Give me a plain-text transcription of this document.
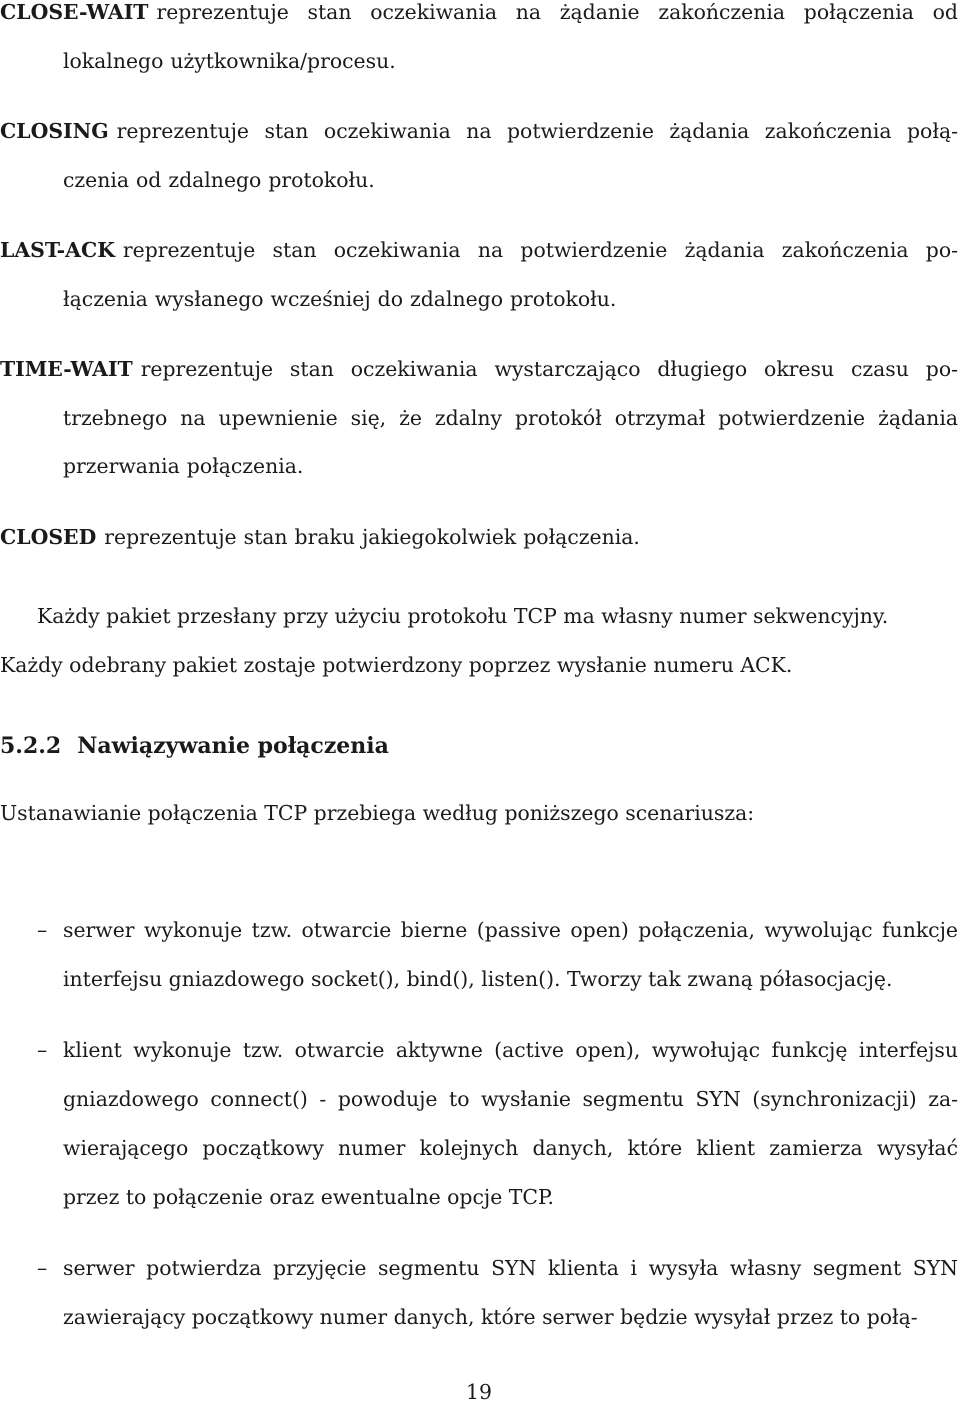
CLOSE-WAIT reprezentuje stan oczekiwania na żądanie zakończenia połączenia od lokalnego użytkownika/procesu.

CLOSING reprezentuje stan oczekiwania na potwierdzenie żądania zakończenia połą-czenia od zdalnego protokołu.

LAST-ACK reprezentuje stan oczekiwania na potwierdzenie żądania zakończenia po-łączenia wysłanego wcześniej do zdalnego protokołu.

TIME-WAIT reprezentuje stan oczekiwania wystarczająco długiego okresu czasu po-trzebnego na upewnienie się, że zdalny protokół otrzymał potwierdzenie żądania przerwania połączenia.

CLOSED reprezentuje stan braku jakiegokolwiek połączenia.

Każdy pakiet przesłany przy użyciu protokołu TCP ma własny numer sekwencyjny.

Każdy odebrany pakiet zostaje potwierdzony poprzez wysłanie numeru ACK.

5.2.2 Nawiązywanie połączenia

Ustanawianie połączenia TCP przebiega według poniższego scenariusza:

– serwer wykonuje tzw. otwarcie bierne (passive open) połączenia, wywolując funkcje interfejsu gniazdowego socket(), bind(), listen(). Tworzy tak zwaną półasocjację.
– klient wykonuje tzw. otwarcie aktywne (active open), wywołując funkcję interfejsu gniazdowego connect() - powoduje to wysłanie segmentu SYN (synchronizacji) za-wierającego początkowy numer kolejnych danych, które klient zamierza wysyłać przez to połączenie oraz ewentualne opcje TCP.
– serwer potwierdza przyjęcie segmentu SYN klienta i wysyła własny segment SYN zawierający początkowy numer danych, które serwer będzie wysyłał przez to połą-
19
